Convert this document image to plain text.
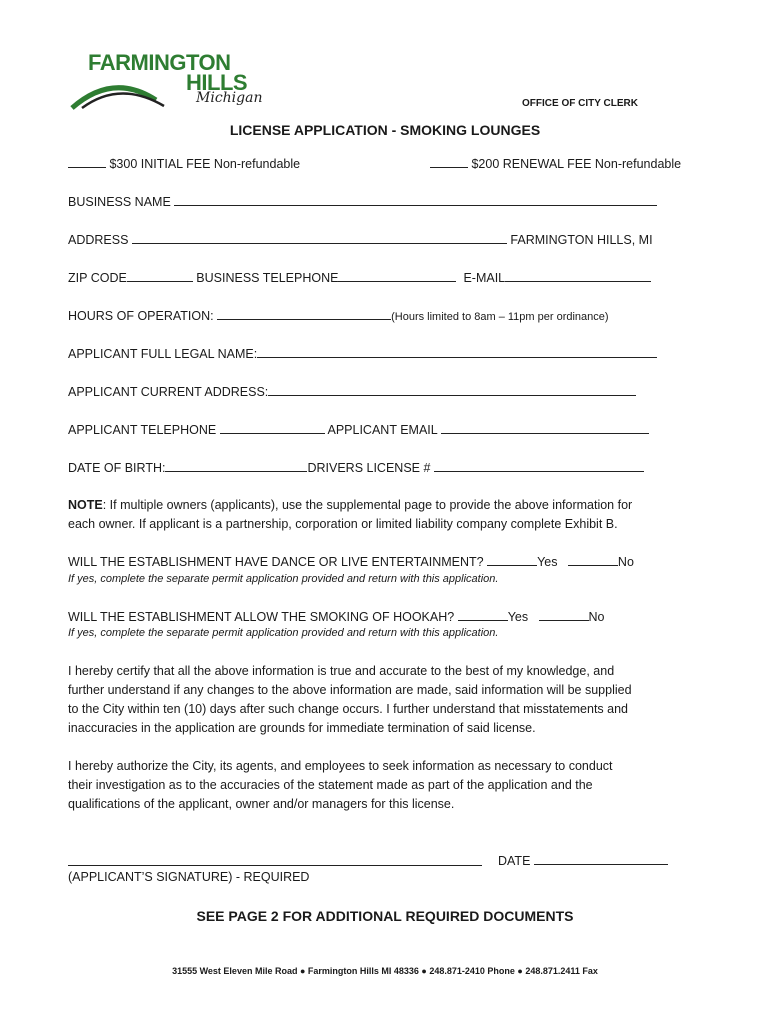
FARMINGTON
HILLS
Michigan	OFFICE OF CITY CLERK
LICENSE APPLICATION - SMOKING LOUNGES
$300 INITIAL FEE Non-refundable	$200 RENEWAL FEE Non-refundable
BUSINESS NAME
ADDRESS	FARMINGTON HILLS, MI
ZIP CODE	BUSINESS TELEPHONE	E-MAIL
HOURS OF OPERATION:	(Hours limited to 8am – 11pm per ordinance)
APPLICANT FULL LEGAL NAME:
APPLICANT CURRENT ADDRESS:
APPLICANT TELEPHONE	APPLICANT EMAIL
DATE OF BIRTH:	DRIVERS LICENSE #
NOTE: If multiple owners (applicants), use the supplemental page to provide the above information for
each owner. If applicant is a partnership, corporation or limited liability company complete Exhibit B.
WILL THE ESTABLISHMENT HAVE DANCE OR LIVE ENTERTAINMENT?	Yes	No
If yes, complete the separate permit application provided and return with this application.
WILL THE ESTABLISHMENT ALLOW THE SMOKING OF HOOKAH?	Yes	No
If yes, complete the separate permit application provided and return with this application.
I hereby certify that all the above information is true and accurate to the best of my knowledge, and
further understand if any changes to the above information are made, said information will be supplied
to the City within ten (10) days after such change occurs. I further understand that misstatements and
inaccuracies in the application are grounds for immediate termination of said license.
I hereby authorize the City, its agents, and employees to seek information as necessary to conduct
their investigation as to the accuracies of the statement made as part of the application and the
qualifications of the applicant, owner and/or managers for this license.
(APPLICANT’S SIGNATURE) - REQUIRED
DATE
SEE PAGE 2 FOR ADDITIONAL REQUIRED DOCUMENTS
31555 West Eleven Mile Road ● Farmington Hills MI 48336 ● 248.871-2410 Phone ● 248.871.2411 Fax
